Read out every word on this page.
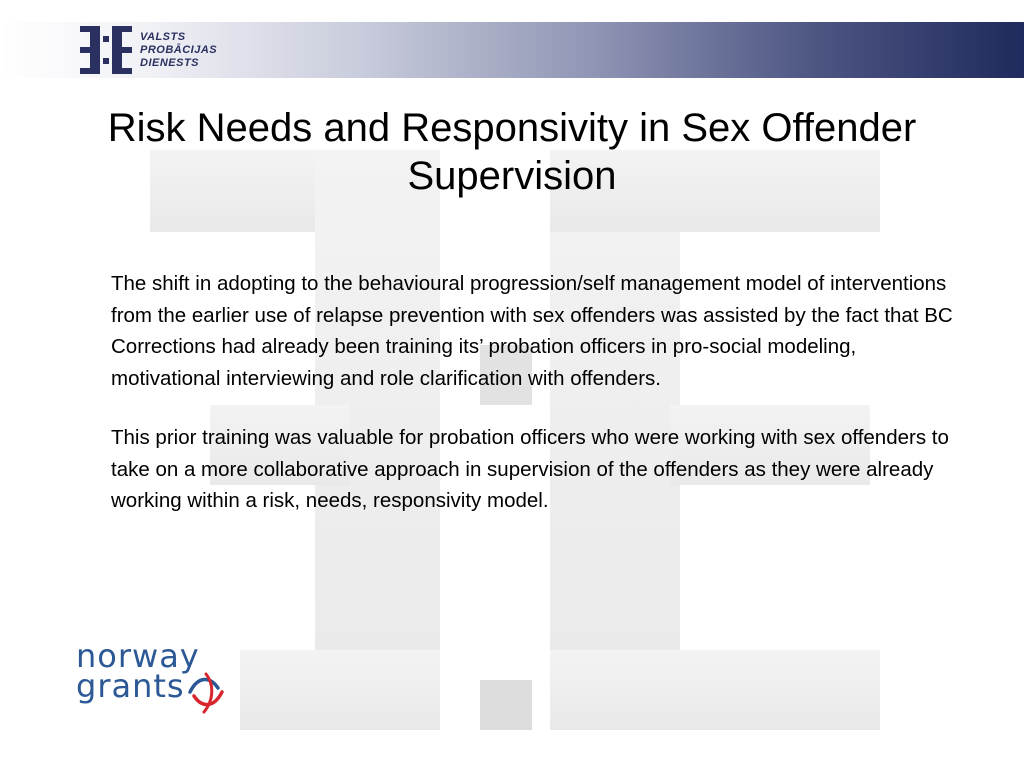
VALSTS
PROBĀCIJAS
DIENESTS
Risk Needs and Responsivity in Sex Offender Supervision

The shift in adopting to the behavioural progression/self management model of interventions from the earlier use of relapse prevention with sex offenders was assisted by the fact that BC Corrections had already been training its’ probation officers in pro-social modeling, motivational interviewing and role clarification with offenders.

This prior training was valuable for probation officers who were working with sex offenders to take on a more collaborative approach in supervision of the offenders as they were already working within a risk, needs, responsivity model.

norway
grants
